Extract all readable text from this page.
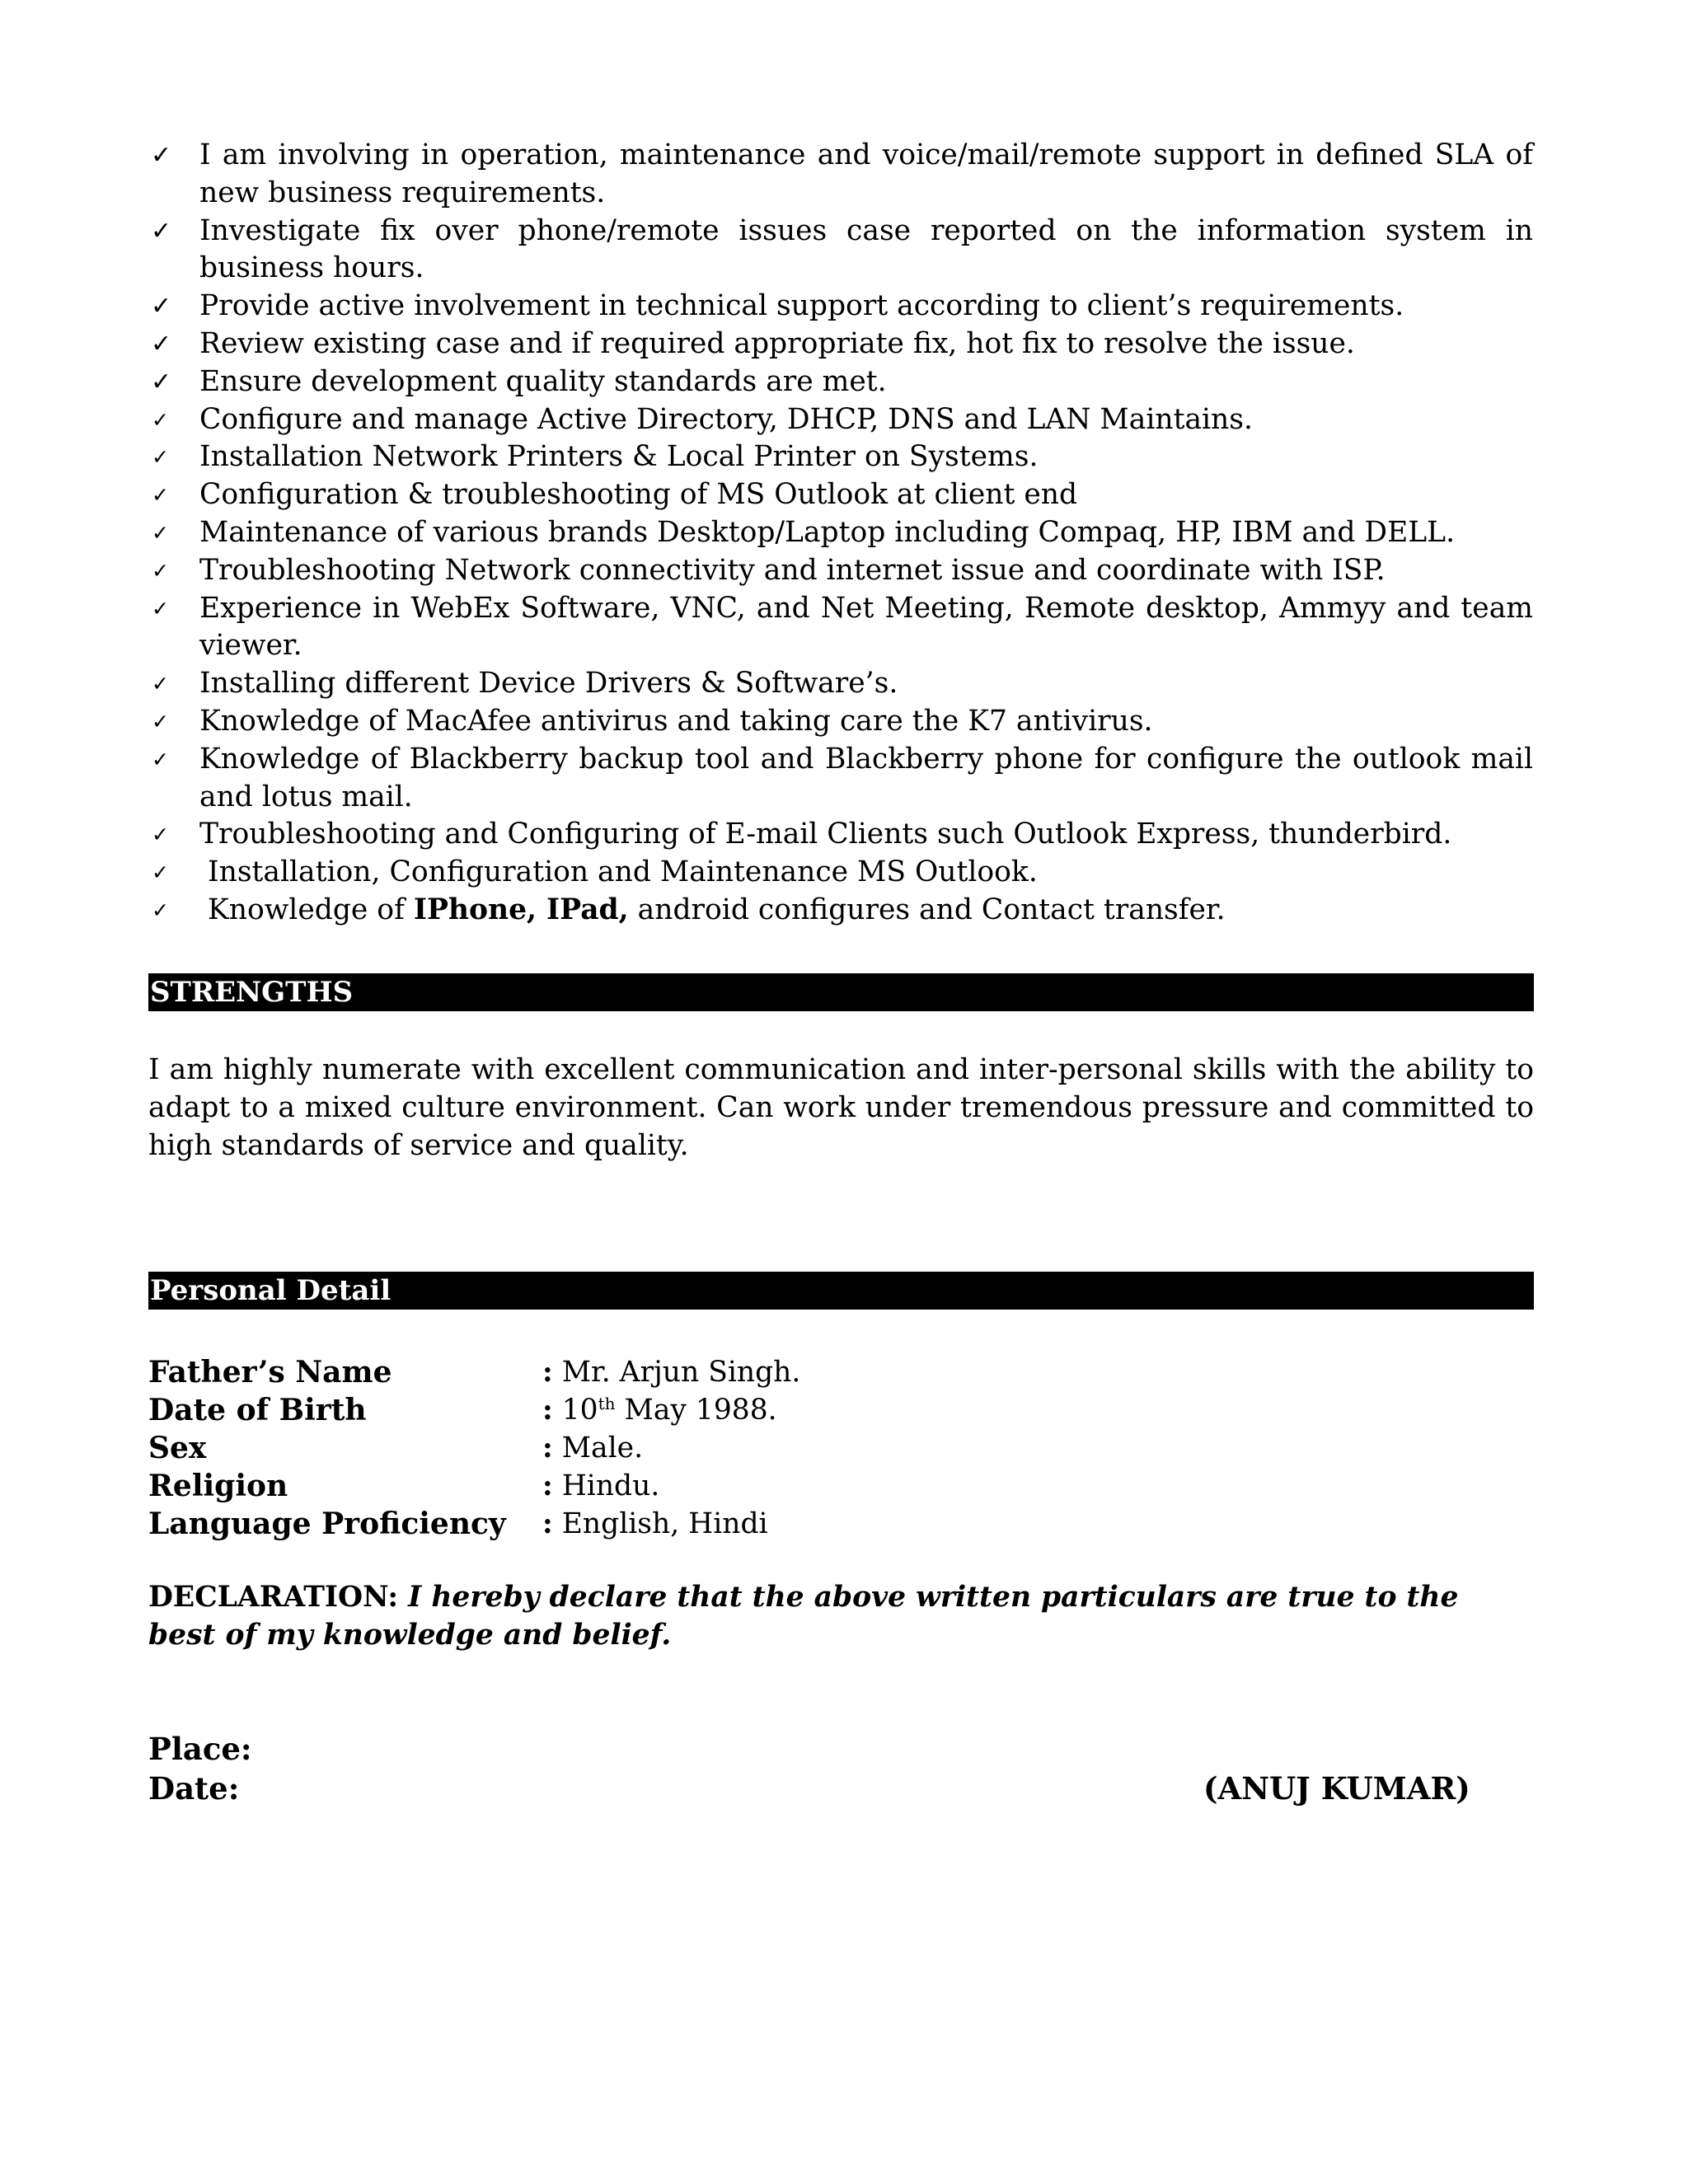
✓ I am involving in operation, maintenance and voice/mail/remote support in defined SLA of new business requirements.
✓ Investigate fix over phone/remote issues case reported on the information system in business hours.
✓ Provide active involvement in technical support according to client’s requirements.
✓ Review existing case and if required appropriate fix, hot fix to resolve the issue.
✓ Ensure development quality standards are met.
✓ Configure and manage Active Directory, DHCP, DNS and LAN Maintains.
✓ Installation Network Printers & Local Printer on Systems.
✓ Configuration & troubleshooting of MS Outlook at client end
✓ Maintenance of various brands Desktop/Laptop including Compaq, HP, IBM and DELL.
✓ Troubleshooting Network connectivity and internet issue and coordinate with ISP.
✓ Experience in WebEx Software, VNC, and Net Meeting, Remote desktop, Ammyy and team viewer.
✓ Installing different Device Drivers & Software’s.
✓ Knowledge of MacAfee antivirus and taking care the K7 antivirus.
✓ Knowledge of Blackberry backup tool and Blackberry phone for configure the outlook mail and lotus mail.
✓ Troubleshooting and Configuring of E-mail Clients such Outlook Express, thunderbird.
✓ Installation, Configuration and Maintenance MS Outlook.
✓ Knowledge of IPhone, IPad, android configures and Contact transfer.
STRENGTHS

I am highly numerate with excellent communication and inter-personal skills with the ability to adapt to a mixed culture environment. Can work under tremendous pressure and committed to high standards of service and quality.

Personal Detail
Father’s Name	: Mr. Arjun Singh.
Date of Birth	: 10th May 1988.
Sex	: Male.
Religion	: Hindu.
Language Proficiency	: English, Hindi

DECLARATION: I hereby declare that the above written particulars are true to the best of my knowledge and belief.

Place:
Date:	(ANUJ KUMAR)
